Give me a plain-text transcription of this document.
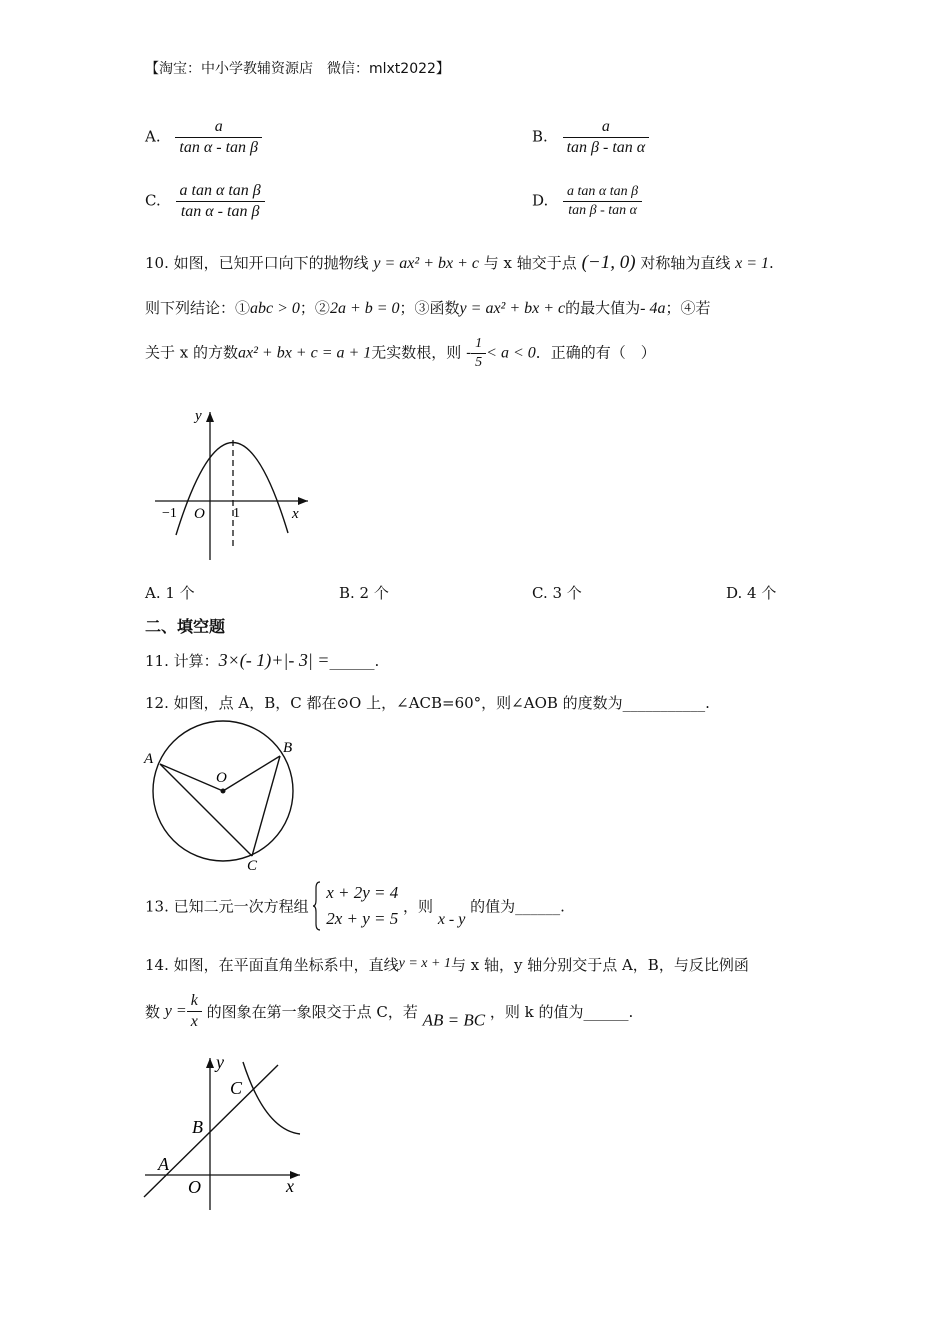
【淘宝：中小学教辅资源店　微信：mlxt2022】
A. $\frac{a}{\text{tan α - tan β}}$	B. $\frac{a}{\text{tan β - tan α}}$
C. $\frac{\text{a tan α tan β}}{\text{tan α - tan β}}$	D. $\frac{\text{a tan α tan β}}{\text{tan β - tan α}}$
10. 如图，已知开口向下的抛物线 y = ax² + bx + c 与 x 轴交于点 (−1, 0) 对称轴为直线 x = 1.
则下列结论：①abc > 0；②2a + b = 0；③函数y = ax² + bx + c的最大值为- 4a；④若
关于 x 的方数ax² + bx + c = a + 1无实数根，则 - $\frac{1}{5} < a < 0$．正确的有（　）
y
x
O
−1	1
A. 1 个	B. 2 个	C. 3 个	D. 4 个
二、填空题
11. 计算：3×(- 1)+|- 3| =______.
12. 如图，点 A，B，C 都在⊙O 上，∠ACB=60°，则∠AOB 的度数为___________.
A
B
O
C
13. 已知二元一次方程组
x + 2y = 4
2x + y = 5
，则 x - y 的值为______.
14. 如图，在平面直角坐标系中，直线y = x + 1与 x 轴，y 轴分别交于点 A，B，与反比例函
数 $y = \frac{k}{x}$ 的图象在第一象限交于点 C，若 AB = BC ，则 k 的值为______.
y
x
O
A
B
C
